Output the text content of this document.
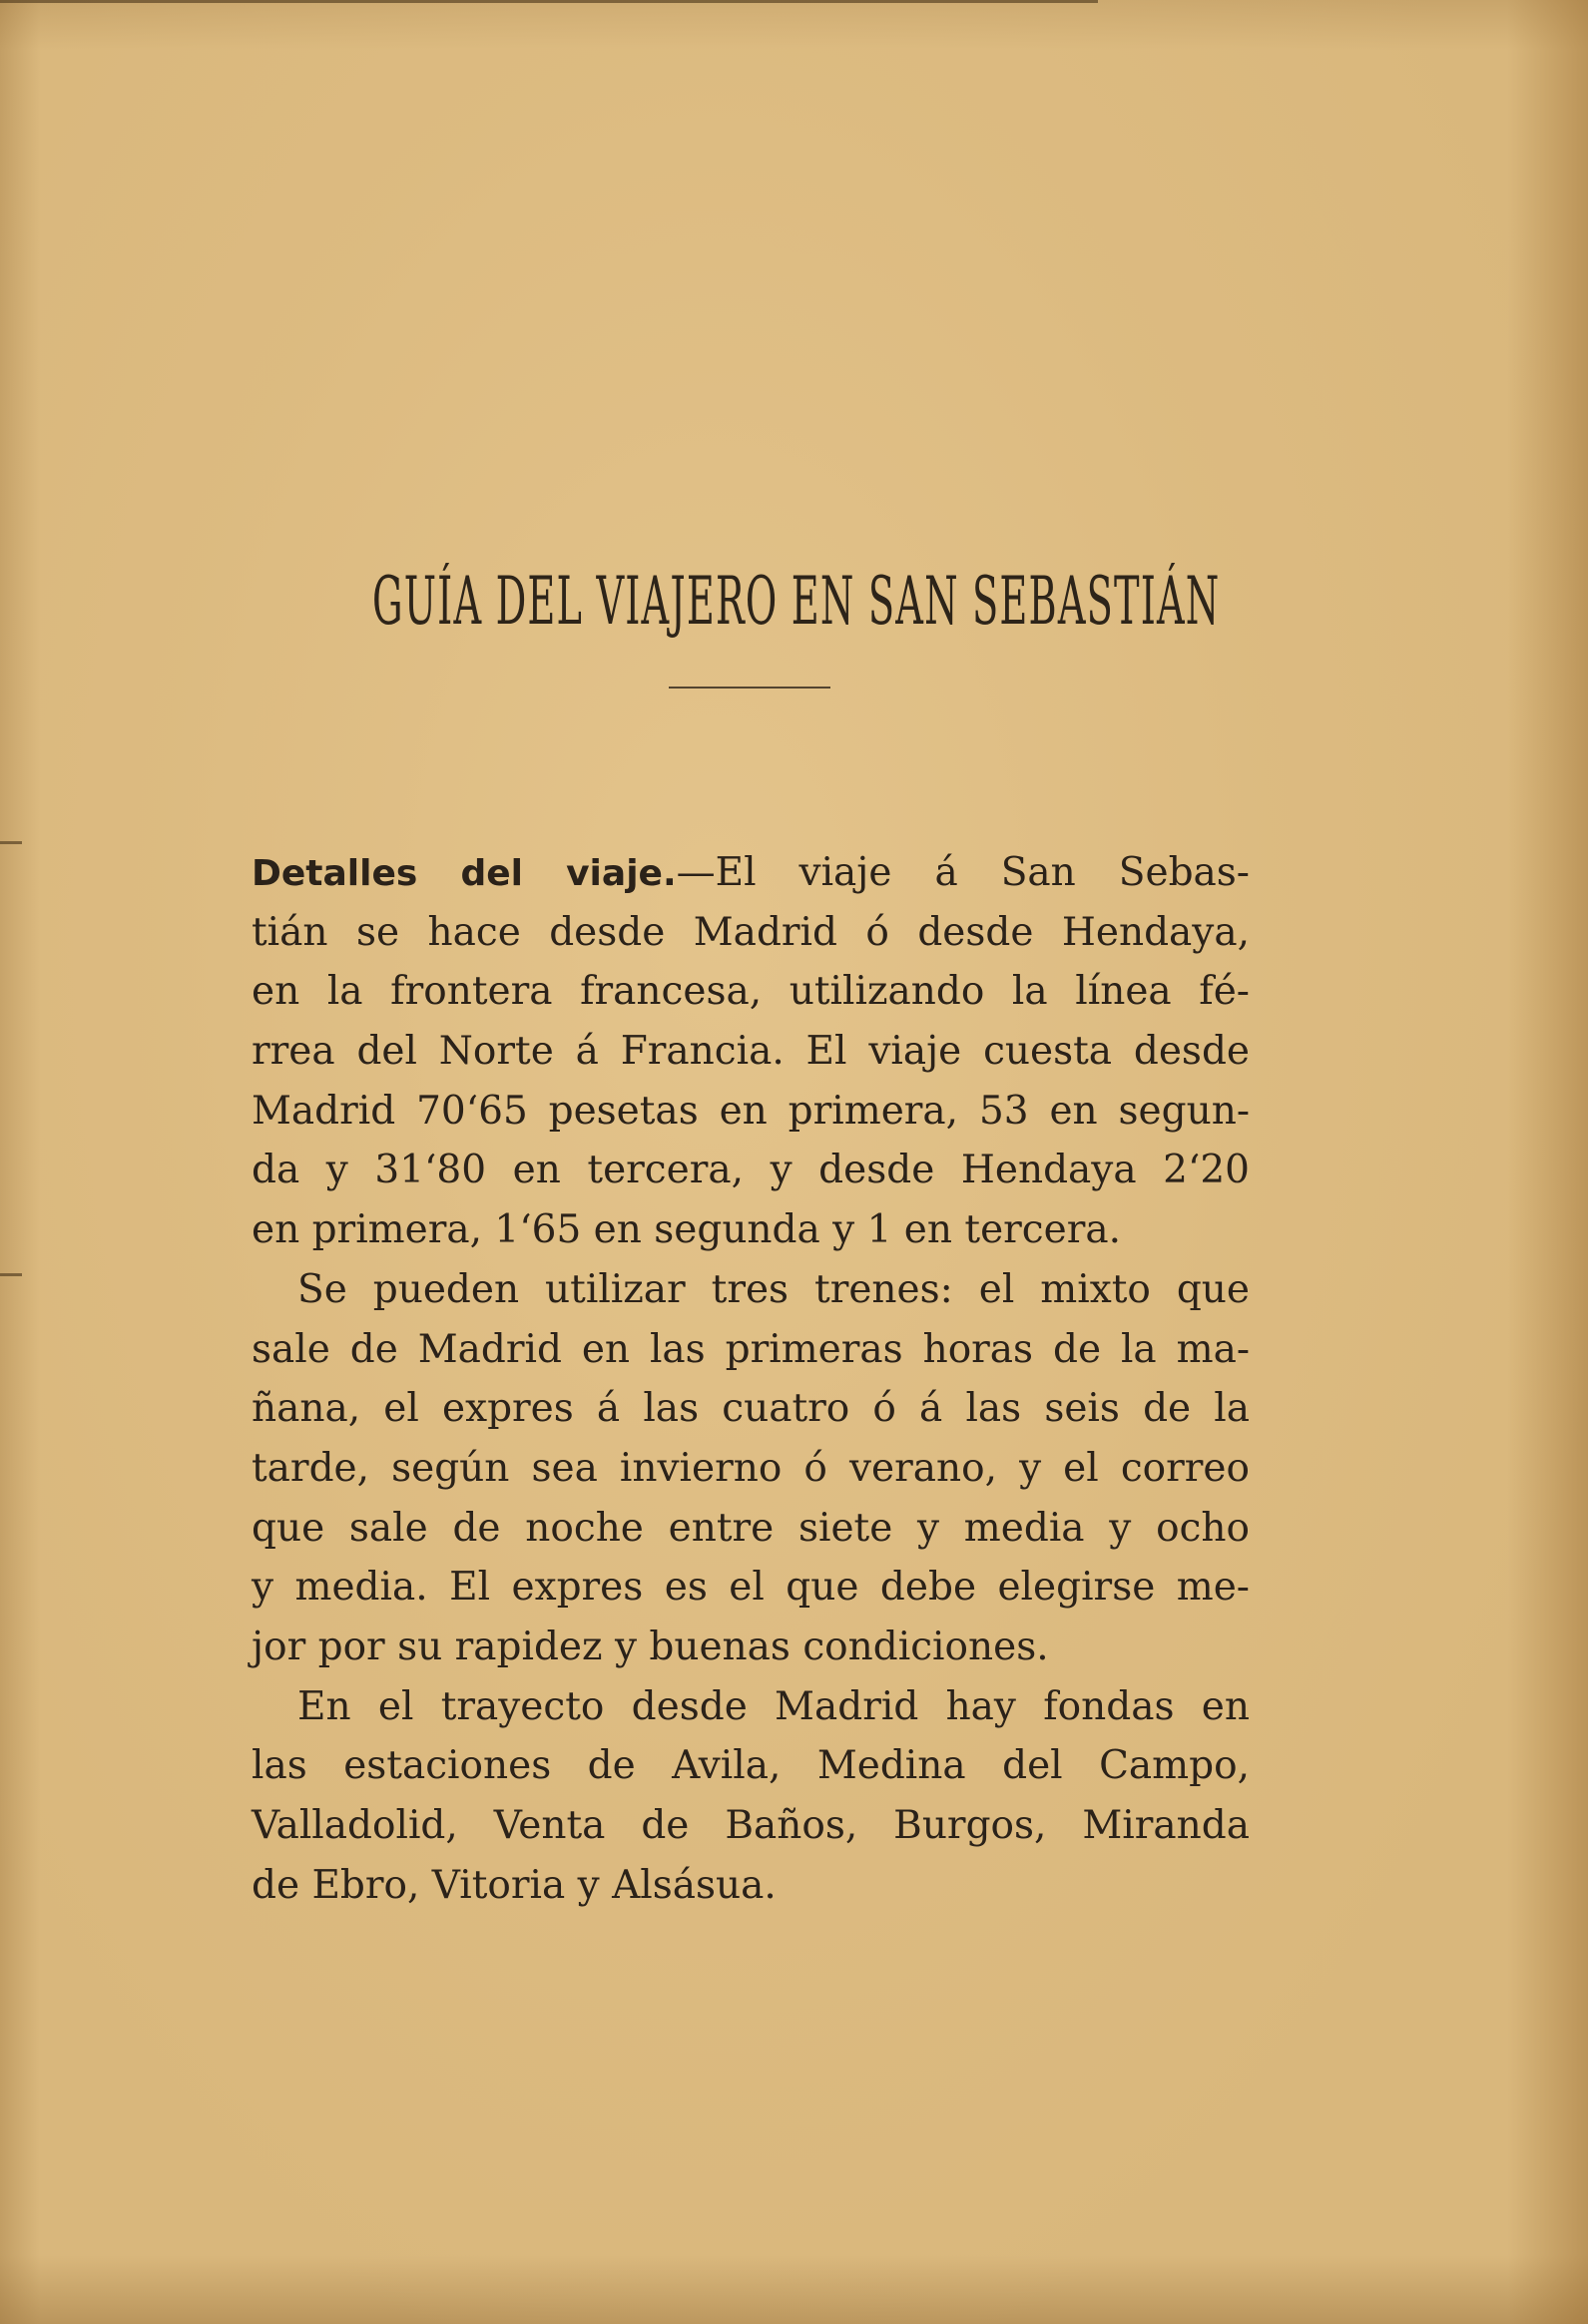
GUÍA DEL VIAJERO EN SAN SEBASTIÁN
Detalles del viaje.—El viaje á San Sebas-
tián se hace desde Madrid ó desde Hendaya,
en la frontera francesa, utilizando la línea fé-
rrea del Norte á Francia. El viaje cuesta desde
Madrid 70‘65 pesetas en primera, 53 en segun-
da y 31‘80 en tercera, y desde Hendaya 2‘20
en primera, 1‘65 en segunda y 1 en tercera.
Se pueden utilizar tres trenes: el mixto que
sale de Madrid en las primeras horas de la ma-
ñana, el expres á las cuatro ó á las seis de la
tarde, según sea invierno ó verano, y el correo
que sale de noche entre siete y media y ocho
y media. El expres es el que debe elegirse me-
jor por su rapidez y buenas condiciones.
En el trayecto desde Madrid hay fondas en
las estaciones de Avila, Medina del Campo,
Valladolid, Venta de Baños, Burgos, Miranda
de Ebro, Vitoria y Alsásua.
